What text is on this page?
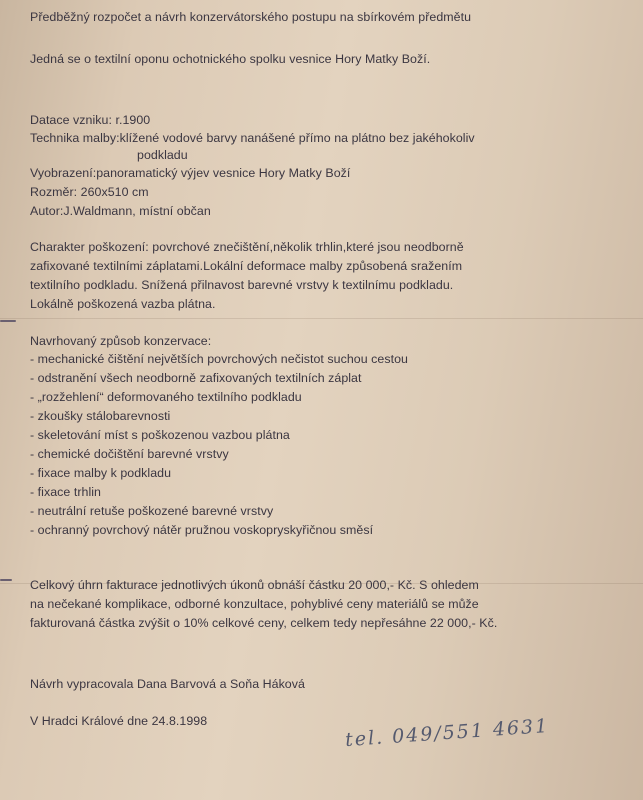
Předběžný rozpočet a návrh konzervátorského postupu na sbírkovém předmětu
Jedná se o textilní oponu ochotnického spolku vesnice Hory Matky Boží.
Datace vzniku: r.1900
Technika malby:klížené vodové barvy nanášené přímo na plátno bez jakéhokoliv
podkladu
Vyobrazení:panoramatický výjev vesnice Hory Matky Boží
Rozměr: 260x510 cm
Autor:J.Waldmann, místní občan
Charakter poškození: povrchové znečištění,několik trhlin,které jsou neodborně
zafixované textilními záplatami.Lokální deformace malby způsobená sražením
textilního podkladu. Snížená přilnavost barevné vrstvy k textilnímu podkladu.
Lokálně poškozená vazba plátna.
Navrhovaný způsob konzervace:
- mechanické čištění největších povrchových nečistot suchou cestou
- odstranění všech neodborně zafixovaných textilních záplat
- „rozžehlení“ deformovaného textilního podkladu
- zkoušky stálobarevnosti
- skeletování míst s poškozenou vazbou plátna
- chemické dočištění barevné vrstvy
- fixace malby k podkladu
- fixace trhlin
- neutrální retuše poškozené barevné vrstvy
- ochranný povrchový nátěr pružnou voskopryskyřičnou směsí
Celkový úhrn fakturace jednotlivých úkonů obnáší částku 20 000,- Kč. S ohledem
na nečekané komplikace, odborné konzultace, pohyblivé ceny materiálů se může
fakturovaná částka zvýšit o 10% celkové ceny, celkem tedy nepřesáhne 22 000,- Kč.
Návrh vypracovala Dana Barvová a Soňa Háková
V Hradci Králové dne 24.8.1998	tel. 049/551 4631
